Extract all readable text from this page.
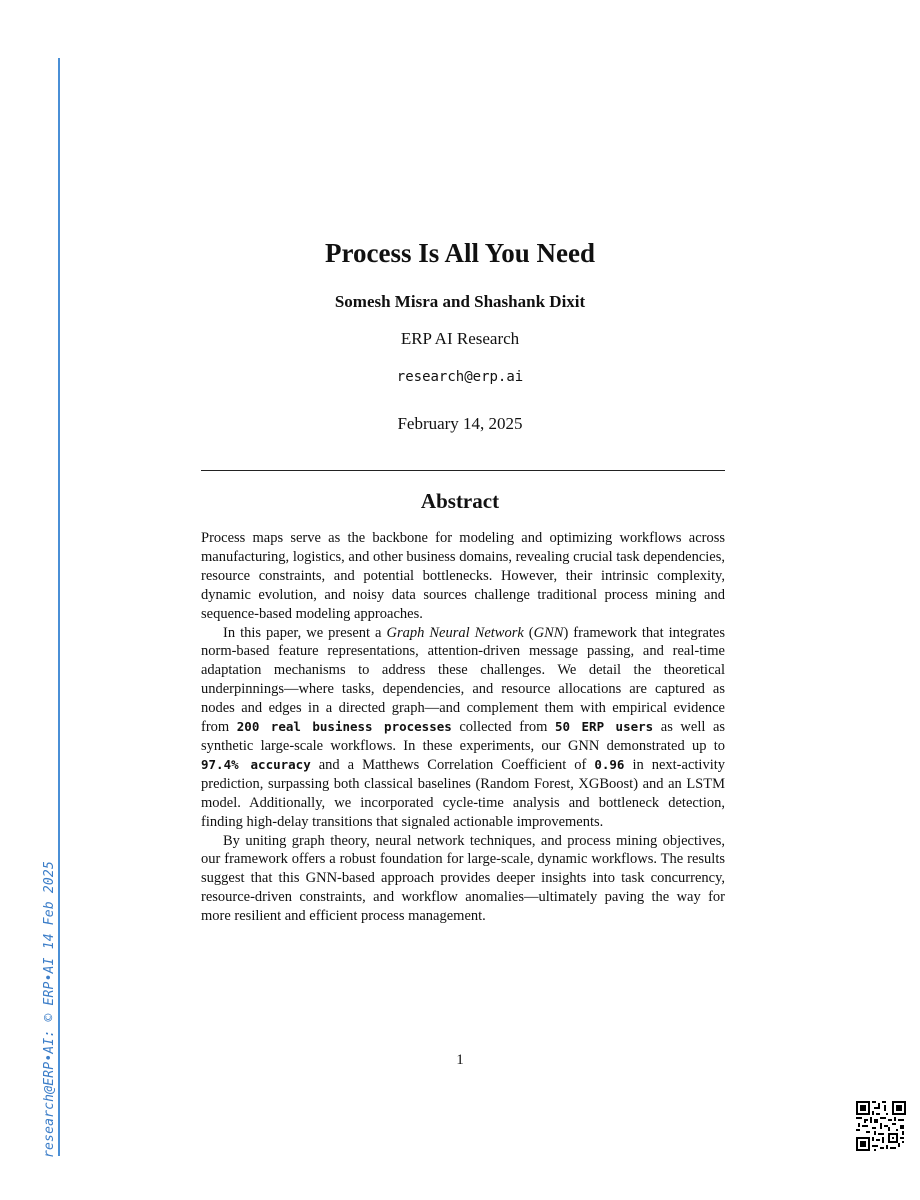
research@ERP•AI: © ERP•AI 14 Feb 2025
Process Is All You Need
Somesh Misra and Shashank Dixit
ERP AI Research
research@erp.ai
February 14, 2025
Abstract

Process maps serve as the backbone for modeling and optimizing workflows across manufacturing, logistics, and other business domains, revealing crucial task dependencies, resource constraints, and potential bottlenecks. However, their intrinsic complexity, dynamic evolution, and noisy data sources challenge traditional process mining and sequence-based modeling approaches.

In this paper, we present a Graph Neural Network (GNN) framework that integrates norm-based feature representations, attention-driven message passing, and real-time adaptation mechanisms to address these challenges. We detail the theoretical underpinnings—where tasks, dependencies, and resource allocations are captured as nodes and edges in a directed graph—and complement them with empirical evidence from 200 real business processes collected from 50 ERP users as well as synthetic large-scale workflows. In these experiments, our GNN demonstrated up to 97.4% accuracy and a Matthews Correlation Coefficient of 0.96 in next-activity prediction, surpassing both classical baselines (Random Forest, XGBoost) and an LSTM model. Additionally, we incorporated cycle-time analysis and bottleneck detection, finding high-delay transitions that signaled actionable improvements.

By uniting graph theory, neural network techniques, and process mining objectives, our framework offers a robust foundation for large-scale, dynamic workflows. The results suggest that this GNN-based approach provides deeper insights into task concurrency, resource-driven constraints, and workflow anomalies—ultimately paving the way for more resilient and efficient process management.

1
